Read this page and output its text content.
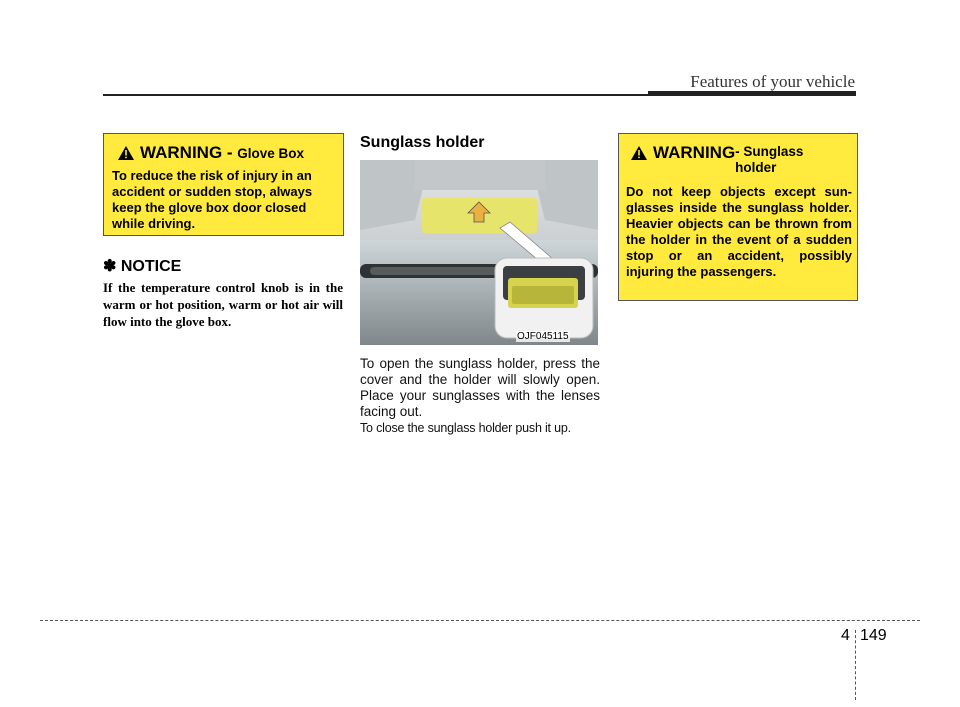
Features of your vehicle
WARNING - Glove Box
To reduce the risk of injury in an accident or sudden stop, always keep the glove box door closed while driving.
✽ NOTICE
If the temperature control knob is in the warm or hot position, warm or hot air will flow into the glove box.
Sunglass holder
OJF045115
To open the sunglass holder, press the cover and the holder will slowly open. Place your sunglasses with the lenses facing out.
To close the sunglass holder push it up.
WARNING- Sunglass holder
Do not keep objects except sun-glasses inside the sunglass holder. Heavier objects can be thrown from the holder in the event of a sudden stop or an accident, possibly injuring the passengers.
4 149
